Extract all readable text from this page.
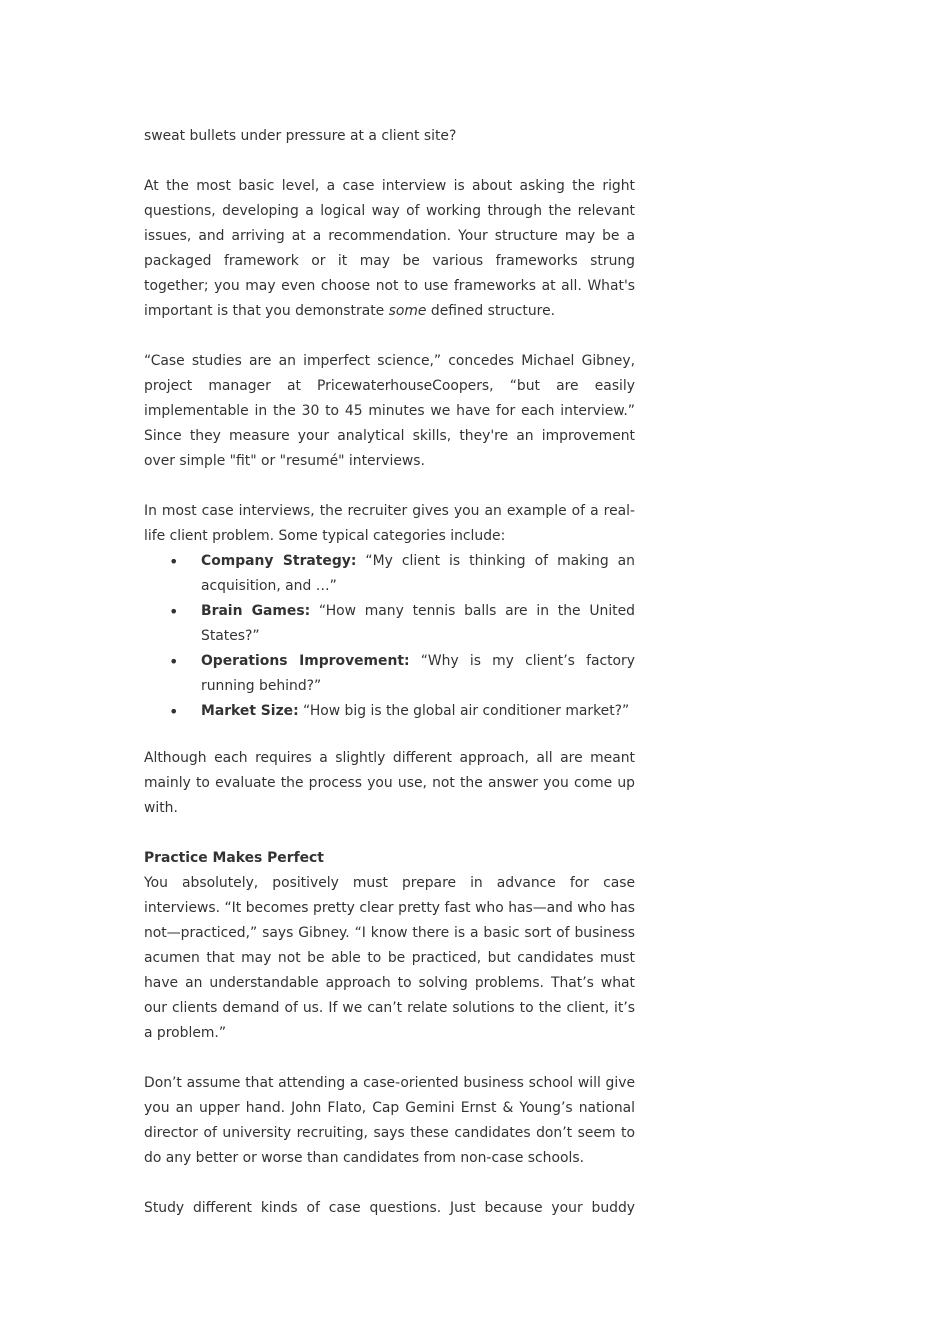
sweat bullets under pressure at a client site?

At the most basic level, a case interview is about asking the right questions, developing a logical way of working through the relevant issues, and arriving at a recommendation. Your structure may be a packaged framework or it may be various frameworks strung together; you may even choose not to use frameworks at all. What's important is that you demonstrate some defined structure.

“Case studies are an imperfect science,” concedes Michael Gibney, project manager at PricewaterhouseCoopers, “but are easily implementable in the 30 to 45 minutes we have for each interview.” Since they measure your analytical skills, they're an improvement over simple "fit" or "resumé" interviews.

In most case interviews, the recruiter gives you an example of a real-life client problem. Some typical categories include:

• Company Strategy: “My client is thinking of making an acquisition, and …”
• Brain Games: “How many tennis balls are in the United States?”
• Operations Improvement: “Why is my client’s factory running behind?”
• Market Size: “How big is the global air conditioner market?”

Although each requires a slightly different approach, all are meant mainly to evaluate the process you use, not the answer you come up with.

Practice Makes Perfect

You absolutely, positively must prepare in advance for case interviews. “It becomes pretty clear pretty fast who has—and who has not—practiced,” says Gibney. “I know there is a basic sort of business acumen that may not be able to be practiced, but candidates must have an understandable approach to solving problems. That’s what our clients demand of us. If we can’t relate solutions to the client, it’s a problem.”

Don’t assume that attending a case-oriented business school will give you an upper hand. John Flato, Cap Gemini Ernst & Young’s national director of university recruiting, says these candidates don’t seem to do any better or worse than candidates from non-case schools.

Study different kinds of case questions. Just because your buddy
